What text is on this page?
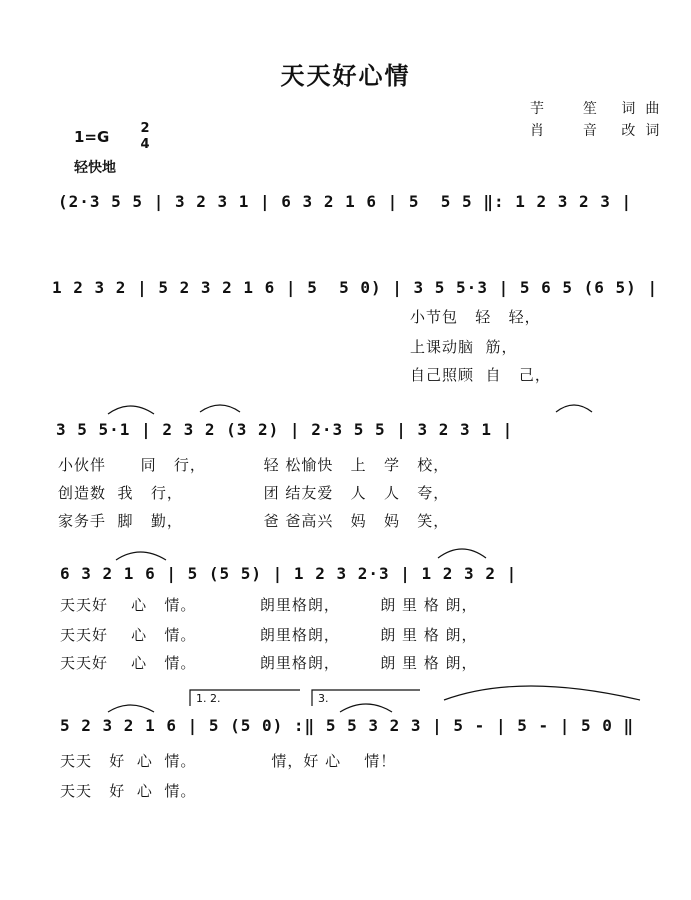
天天好心情
芋  笙 词曲
肖  音 改词
1=G 2
4
轻快地
(2·3 5 5 | 3 2 3 1 | 6 3 2 1 6 | 5  5 5 ‖: 1 2 3 2 3 |
1 2 3 2 | 5 2 3 2 1 6 | 5  5 0) | 3 5 5·3 | 5 6 5 (6 5) |
小节包   轻   轻，
上课动脑  筋，
自己照顾  自   己，
3 5 5·1 | 2 3 2 (3 2) | 2·3 5 5 | 3 2 3 1 |
小伙伴      同   行，          轻 松愉快   上   学   校，
创造数  我   行，              团 结友爱   人   人   夸，
家务手  脚   勤，              爸 爸高兴   妈   妈   笑，
6 3 2 1 6 | 5 (5 5) | 1 2 3 2·3 | 1 2 3 2 |
天天好    心   情。           朗里格朗，       朗 里 格 朗，
天天好    心   情。           朗里格朗，       朗 里 格 朗，
天天好    心   情。           朗里格朗，       朗 里 格 朗，
1. 2.	3.
5 2 3 2 1 6 | 5 (5 0) :‖ 5 5 3 2 3 | 5 - | 5 - | 5 0 ‖
天天   好  心  情。             情，好 心    情！
天天   好  心  情。
